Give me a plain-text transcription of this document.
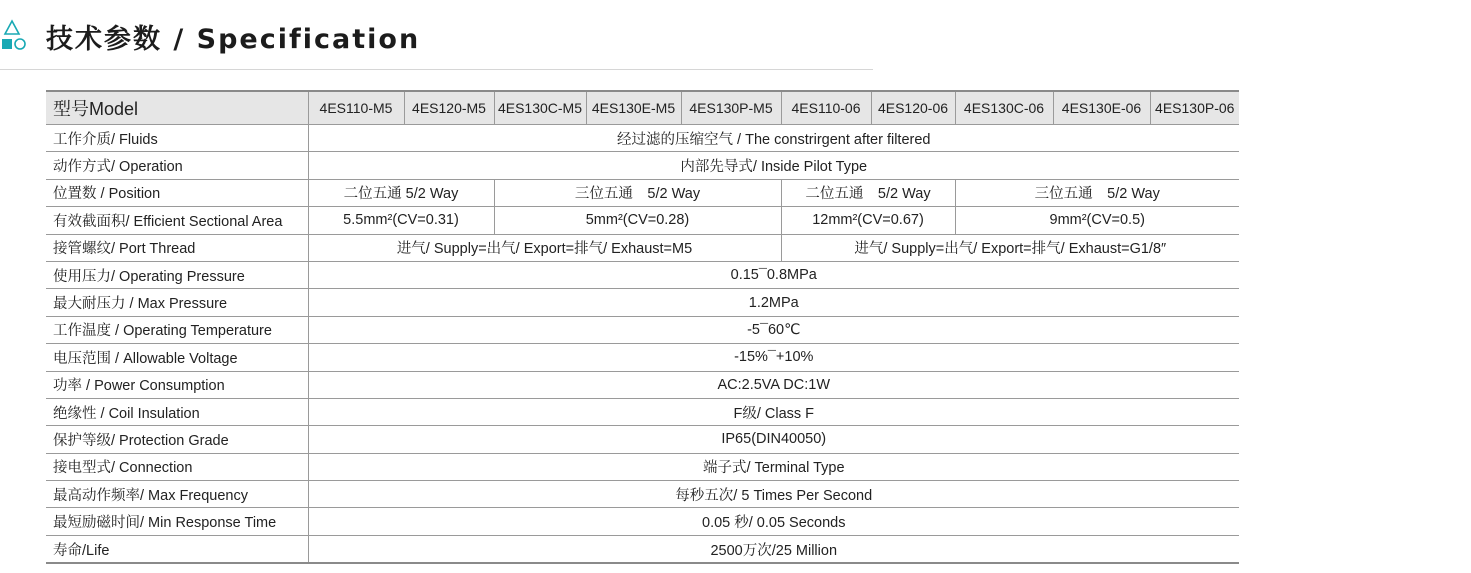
技术参数 / Specification
型号Model	4ES110-M5	4ES120-M5	4ES130C-M5	4ES130E-M5	4ES130P-M5	4ES110-06	4ES120-06	4ES130C-06	4ES130E-06	4ES130P-06
工作介质/ Fluids	经过滤的压缩空气 / The constrirgent after filtered									
动作方式/ Operation	内部先导式/ Inside Pilot Type									
位置数 / Position	二位五通 5/2 Way		三位五通　5/2 Way			二位五通　5/2 Way		三位五通　5/2 Way		
有效截面积/ Efficient Sectional Area	5.5mm²(CV=0.31)		5mm²(CV=0.28)			12mm²(CV=0.67)		9mm²(CV=0.5)		
接管螺纹/ Port Thread	进气/ Supply=出气/ Export=排气/ Exhaust=M5					进气/ Supply=出气/ Export=排气/ Exhaust=G1/8″				
使用压力/ Operating Pressure	0.15¯0.8MPa									
最大耐压力 / Max Pressure	1.2MPa									
工作温度 / Operating Temperature	-5¯60℃									
电压范围 / Allowable Voltage	-15%¯+10%									
功率 / Power Consumption	AC:2.5VA DC:1W									
绝缘性 / Coil Insulation	F级/ Class F									
保护等级/ Protection Grade	IP65(DIN40050)									
接电型式/ Connection	端子式/ Terminal Type									
最高动作频率/ Max Frequency	每秒五次/ 5 Times Per Second									
最短励磁时间/ Min Response Time	0.05 秒/ 0.05 Seconds									
寿命/Life	2500万次/25 Million									
